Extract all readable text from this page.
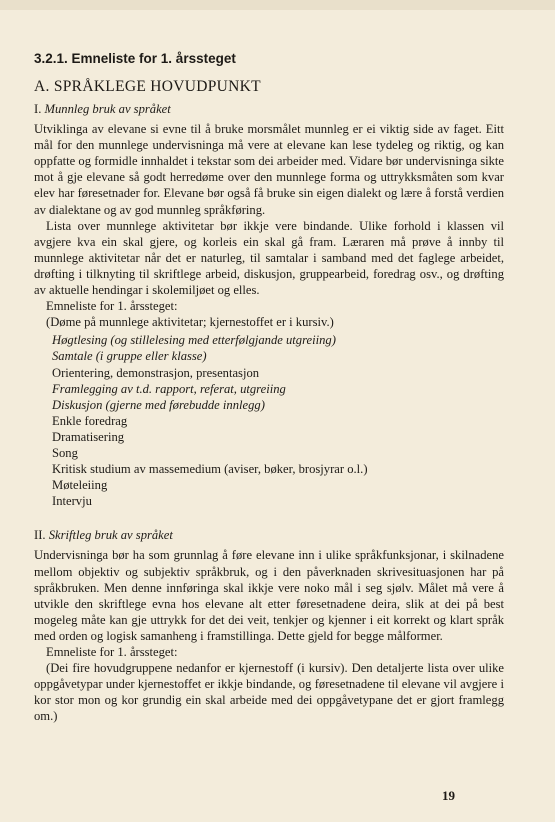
3.2.1. Emneliste for 1. årssteget
A. SPRÅKLEGE HOVUDPUNKT
I. Munnleg bruk av språket

Utviklinga av elevane si evne til å bruke morsmålet munnleg er ei viktig side av faget. Eitt mål for den munnlege undervisninga må vere at elevane kan lese tydeleg og riktig, og kan oppfatte og formidle innhaldet i tekstar som dei arbeider med. Vidare bør undervisninga sikte mot å gje elevane så godt herredøme over den munnlege forma og uttrykksmåten som kvar elev har føresetnader for. Elevane bør også få bruke sin eigen dialekt og lære å forstå verdien av dialektane og av god munnleg språkføring.

Lista over munnlege aktivitetar bør ikkje vere bindande. Ulike forhold i klassen vil avgjere kva ein skal gjere, og korleis ein skal gå fram. Læraren må prøve å innby til munnlege aktivitetar når det er naturleg, til samtalar i samband med det faglege arbeidet, drøfting i tilknyting til skriftlege arbeid, diskusjon, gruppearbeid, foredrag osv., og drøfting av aktuelle hendingar i skolemiljøet og elles.

Emneliste for 1. årssteget:

(Døme på munnlege aktivitetar; kjernestoffet er i kursiv.)

Høgtlesing (og stillelesing med etterfølgjande utgreiing)
Samtale (i gruppe eller klasse)
Orientering, demonstrasjon, presentasjon
Framlegging av t.d. rapport, referat, utgreiing
Diskusjon (gjerne med førebudde innlegg)
Enkle foredrag
Dramatisering
Song
Kritisk studium av massemedium (aviser, bøker, brosjyrar o.l.)
Møteleiing
Intervju
II. Skriftleg bruk av språket

Undervisninga bør ha som grunnlag å føre elevane inn i ulike språkfunksjonar, i skilnadene mellom objektiv og subjektiv språkbruk, og i den påverknaden skrivesituasjonen har på språkbruken. Men denne innføringa skal ikkje vere noko mål i seg sjølv. Målet må vere å utvikle den skriftlege evna hos elevane alt etter føresetnadene deira, slik at dei på best mogeleg måte kan gje uttrykk for det dei veit, tenkjer og kjenner i eit korrekt og klart språk med orden og logisk samanheng i framstillinga. Dette gjeld for begge målformer.

Emneliste for 1. årssteget:

(Dei fire hovudgruppene nedanfor er kjernestoff (i kursiv). Den detaljerte lista over ulike oppgåvetypar under kjernestoffet er ikkje bindande, og føresetnadene til elevane vil avgjere i kor stor mon og kor grundig ein skal arbeide med dei oppgåvetypane det er gjort framlegg om.)

19
